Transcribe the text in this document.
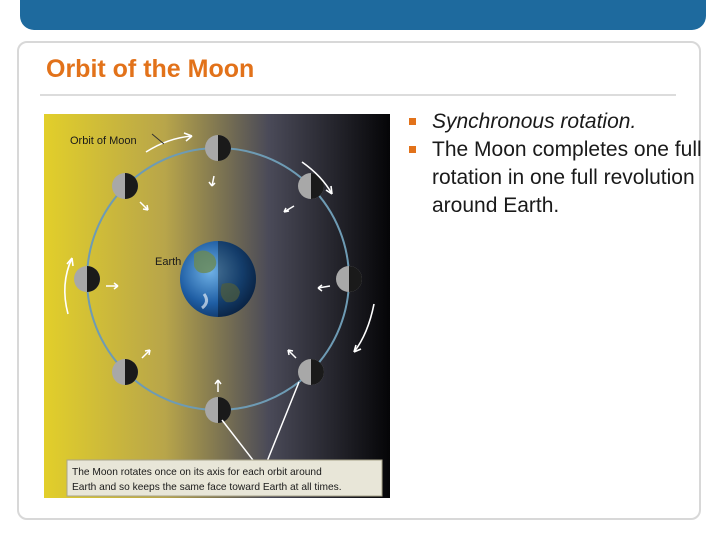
Orbit of the Moon
Orbit of Moon
Earth
The Moon rotates once on its axis for each orbit around
Earth and so keeps the same face toward Earth at all times.
Synchronous rotation.
The Moon completes one full rotation in one full revolution around Earth.
